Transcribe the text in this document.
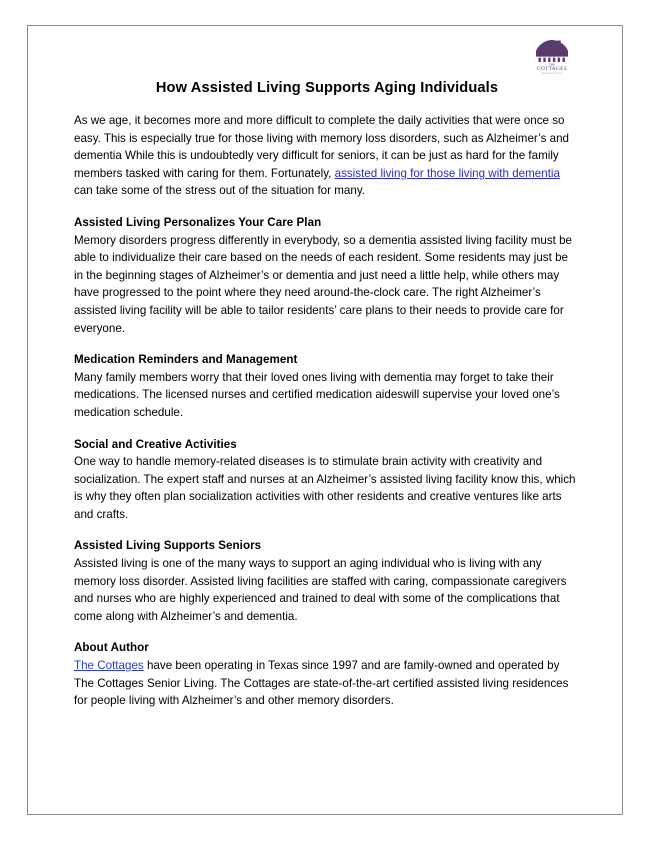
THE
COTTAGES
SENIOR LIVING
How Assisted Living Supports Aging Individuals

As we age, it becomes more and more difficult to complete the daily activities that were once so easy. This is especially true for those living with memory loss disorders, such as Alzheimer’s and dementia While this is undoubtedly very difficult for seniors, it can be just as hard for the family members tasked with caring for them. Fortunately, assisted living for those living with dementia can take some of the stress out of the situation for many.

Assisted Living Personalizes Your Care Plan

Memory disorders progress differently in everybody, so a dementia assisted living facility must be able to individualize their care based on the needs of each resident. Some residents may just be in the beginning stages of Alzheimer’s or dementia and just need a little help, while others may have progressed to the point where they need around-the-clock care. The right Alzheimer’s assisted living facility will be able to tailor residents’ care plans to their needs to provide care for everyone.

Medication Reminders and Management

Many family members worry that their loved ones living with dementia may forget to take their medications. The licensed nurses and certified medication aideswill supervise your loved one’s medication schedule.

Social and Creative Activities

One way to handle memory-related diseases is to stimulate brain activity with creativity and socialization. The expert staff and nurses at an Alzheimer’s assisted living facility know this, which is why they often plan socialization activities with other residents and creative ventures like arts and crafts.

Assisted Living Supports Seniors

Assisted living is one of the many ways to support an aging individual who is living with any memory loss disorder. Assisted living facilities are staffed with caring, compassionate caregivers and nurses who are highly experienced and trained to deal with some of the complications that come along with Alzheimer’s and dementia.

About Author

The Cottages have been operating in Texas since 1997 and are family-owned and operated by The Cottages Senior Living. The Cottages are state-of-the-art certified assisted living residences for people living with Alzheimer’s and other memory disorders.
